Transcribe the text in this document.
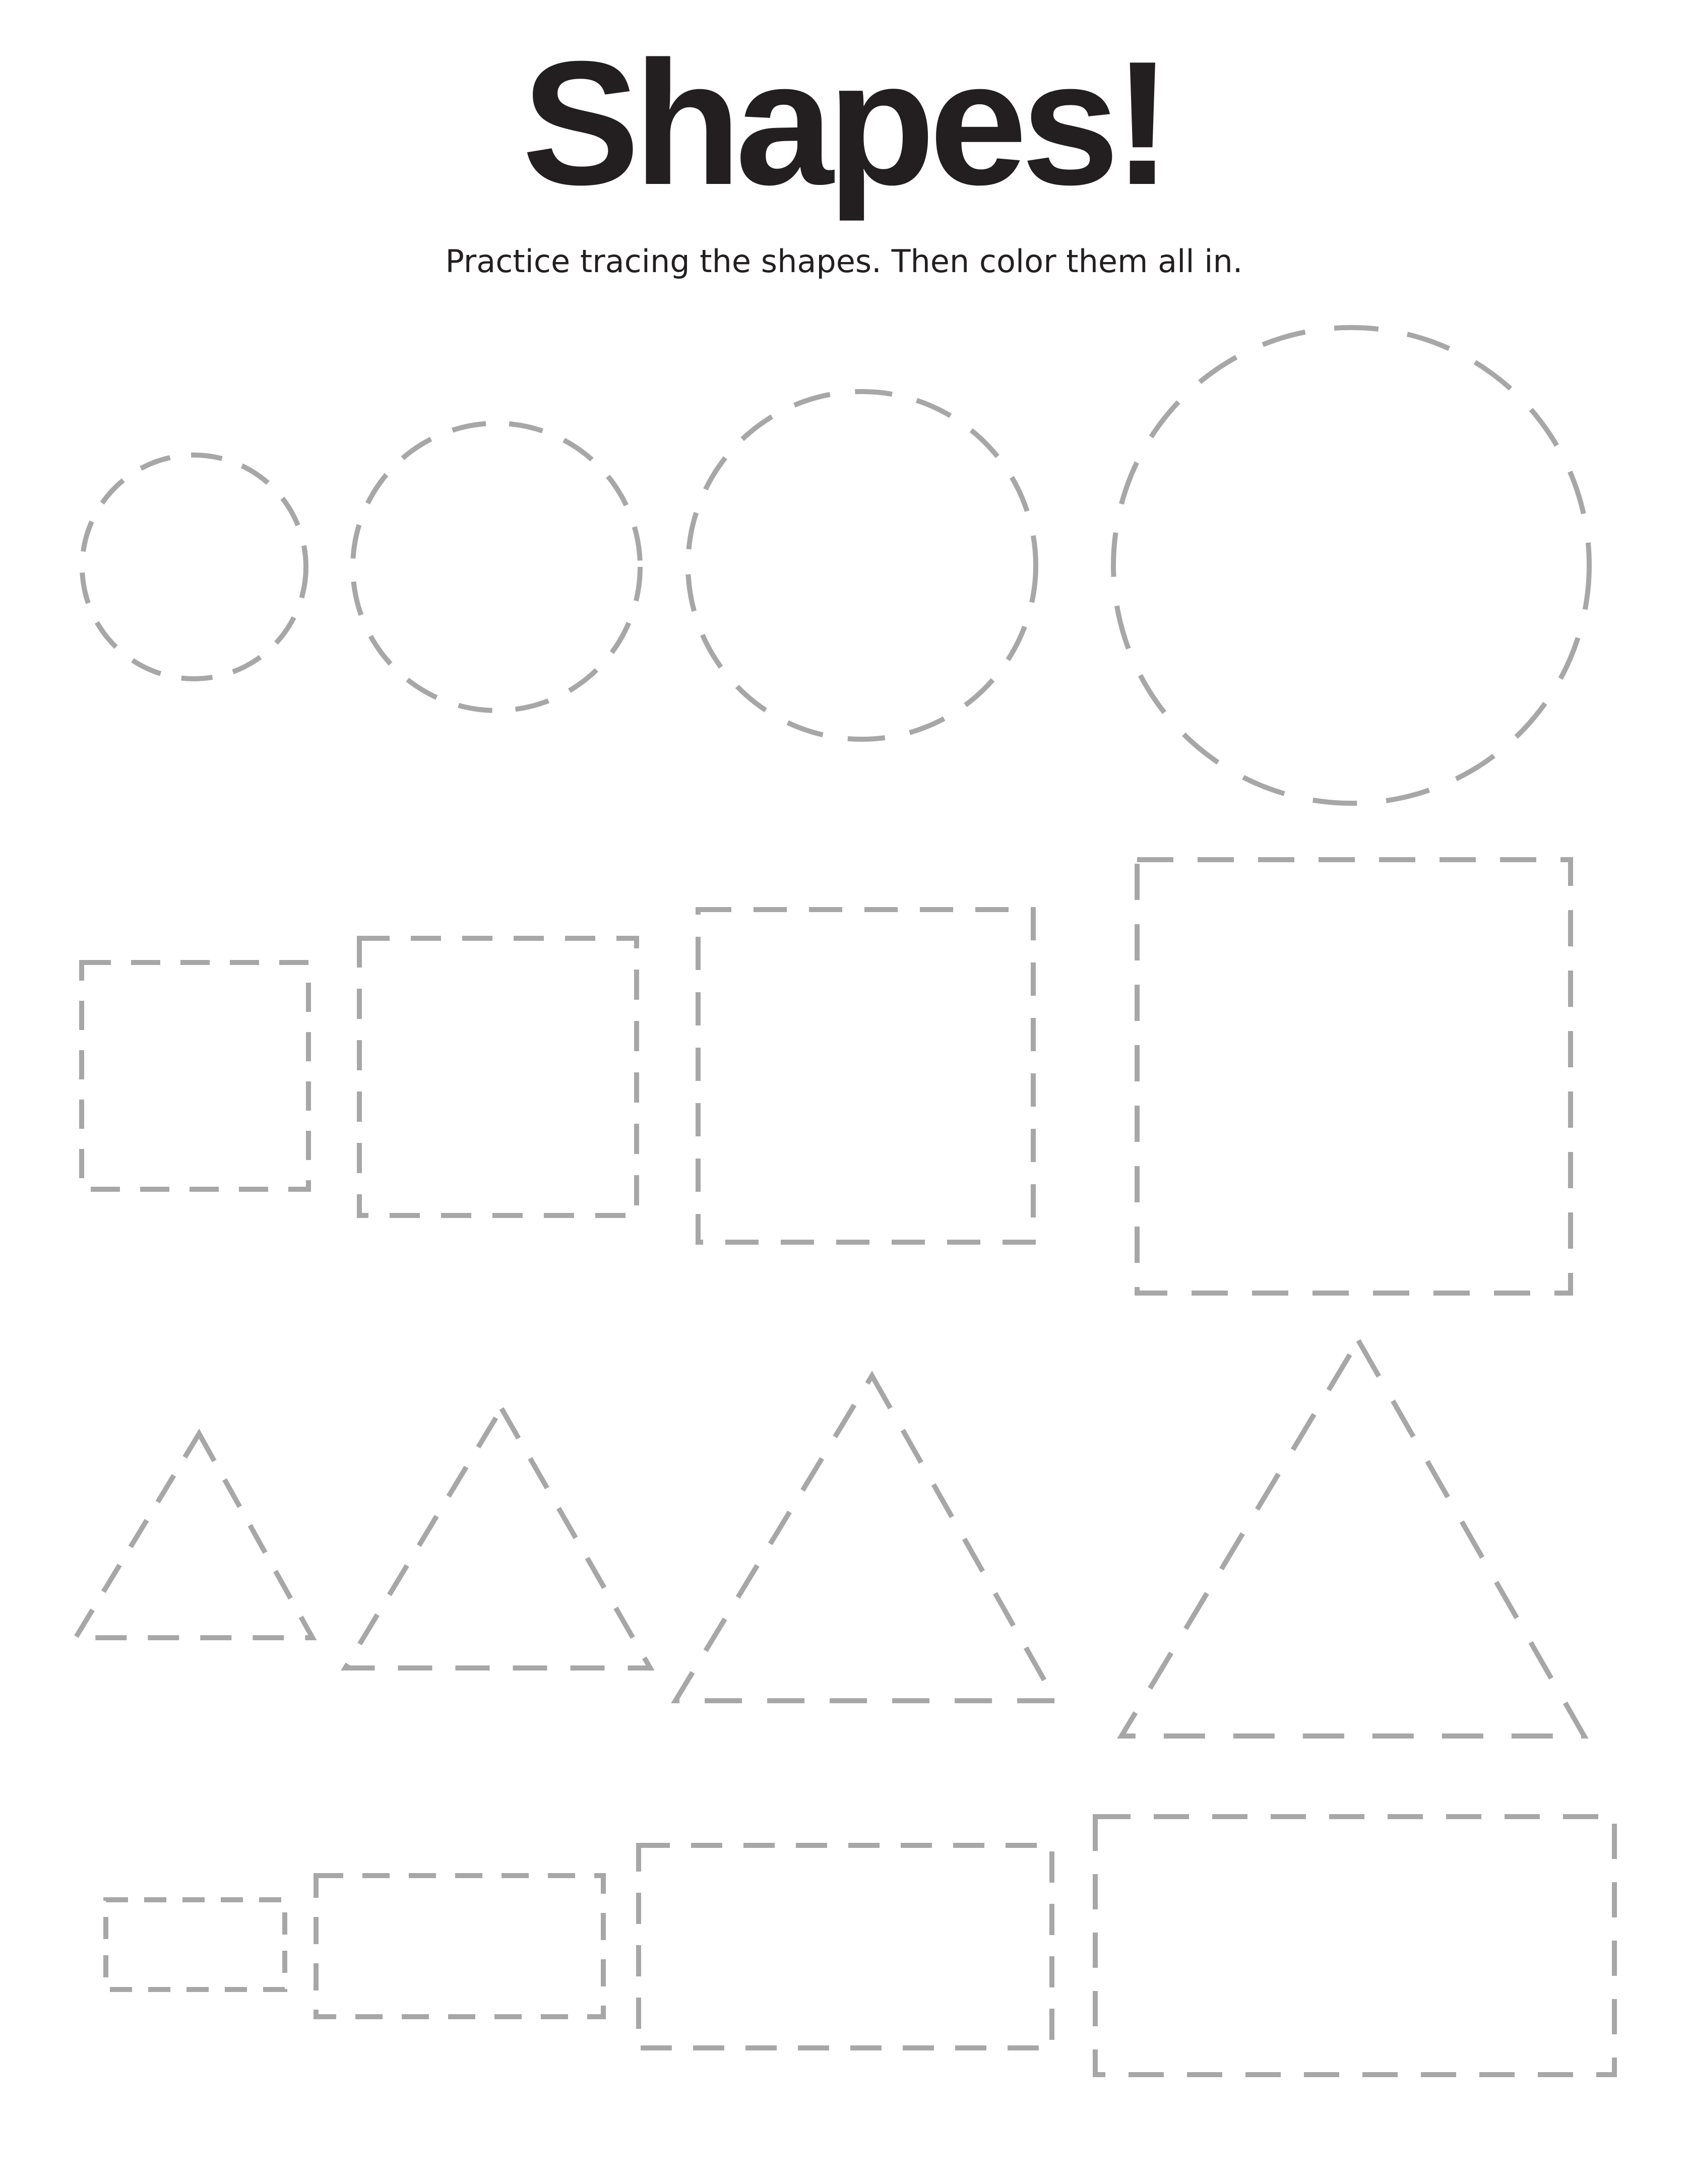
Shapes!

Practice tracing the shapes. Then color them all in.
